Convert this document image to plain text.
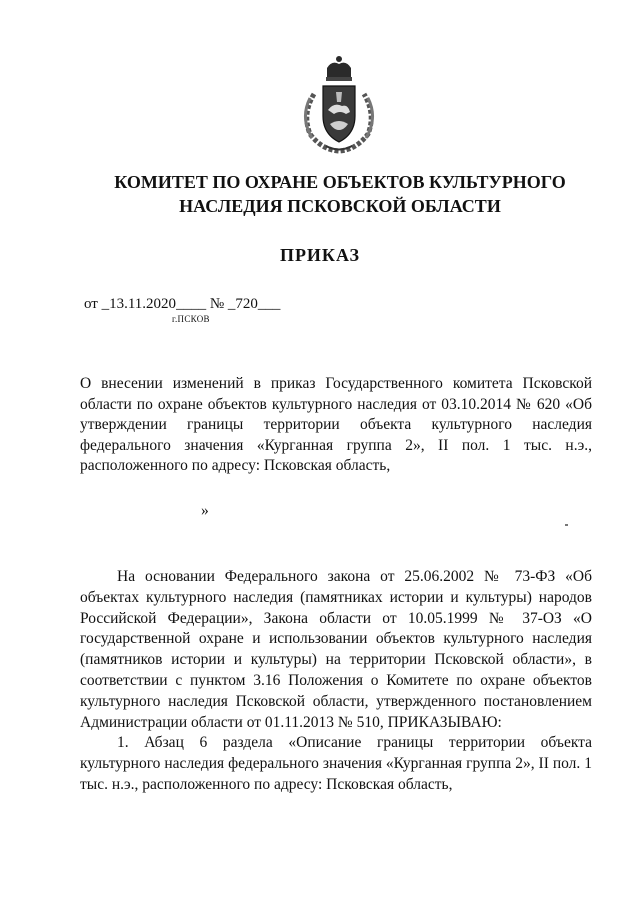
КОМИТЕТ ПО ОХРАНЕ ОБЪЕКТОВ КУЛЬТУРНОГО
НАСЛЕДИЯ ПСКОВСКОЙ ОБЛАСТИ
ПРИКАЗ
от _13.11.2020____ № _720___
г.ПСКОВ
О внесении изменений в приказ Государственного комитета Псковской области по охране объектов культурного наследия от 03.10.2014 № 620 «Об утверждении границы территории объекта культурного наследия федерального значения «Курганная группа 2», II пол. 1 тыс. н.э., расположенного по адресу: Псковская область,
»

На основании Федерального закона от 25.06.2002 № 73-ФЗ «Об объектах культурного наследия (памятниках истории и культуры) народов Российской Федерации», Закона области от 10.05.1999 № 37-ОЗ «О государственной охране и использовании объектов культурного наследия (памятников истории и культуры) на территории Псковской области», в соответствии с пунктом 3.16 Положения о Комитете по охране объектов культурного наследия Псковской области, утвержденного постановлением Администрации области от 01.11.2013 № 510, ПРИКАЗЫВАЮ:

1. Абзац 6 раздела «Описание границы территории объекта культурного наследия федерального значения «Курганная группа 2», II пол. 1 тыс. н.э., расположенного по адресу: Псковская область,
